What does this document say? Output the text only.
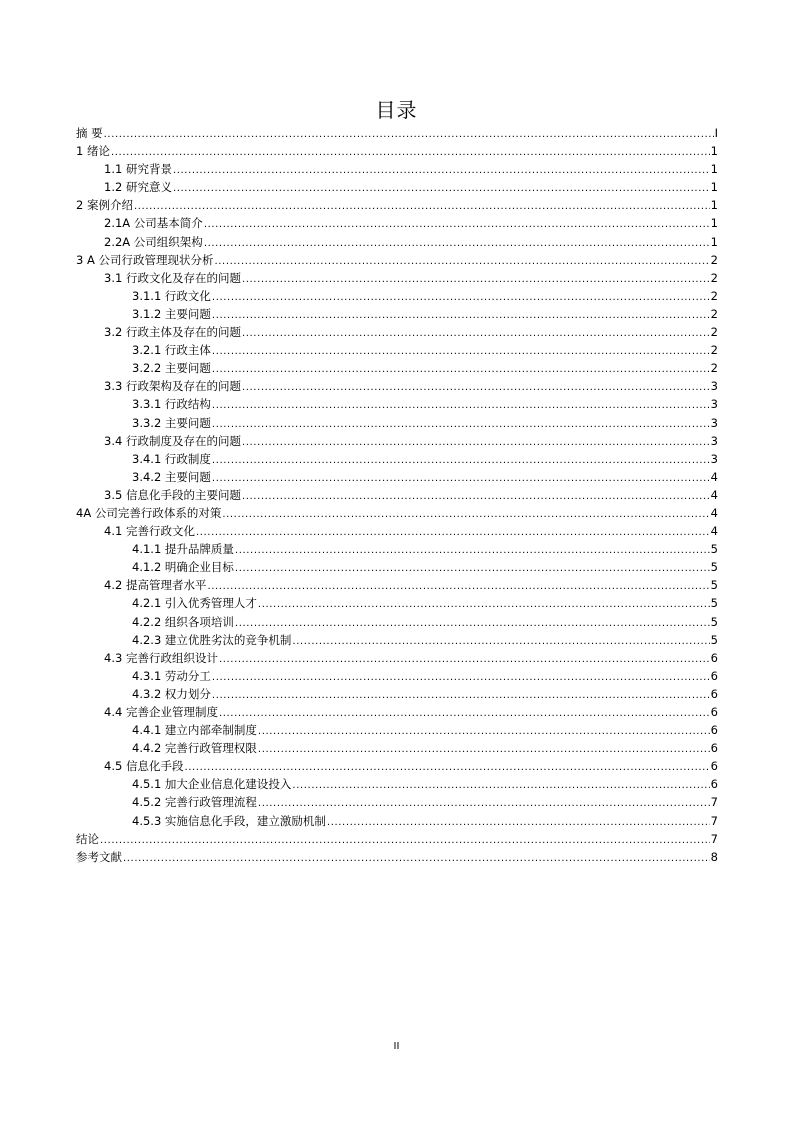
目录
摘 要 .....	I
1 绪论 .....	1
1.1 研究背景 .....	1
1.2 研究意义 .....	1
2 案例介绍 .....	1
2.1A 公司基本简介 .....	1
2.2A 公司组织架构 .....	1
3 A 公司行政管理现状分析 .....	2
3.1 行政文化及存在的问题 .....	2
3.1.1 行政文化 .....	2
3.1.2 主要问题 .....	2
3.2 行政主体及存在的问题 .....	2
3.2.1 行政主体 .....	2
3.2.2 主要问题 .....	2
3.3 行政架构及存在的问题 .....	3
3.3.1 行政结构 .....	3
3.3.2 主要问题 .....	3
3.4 行政制度及存在的问题 .....	3
3.4.1 行政制度 .....	3
3.4.2 主要问题 .....	4
3.5 信息化手段的主要问题 .....	4
4A 公司完善行政体系的对策 .....	4
4.1 完善行政文化 .....	4
4.1.1 提升品牌质量 .....	5
4.1.2 明确企业目标 .....	5
4.2 提高管理者水平 .....	5
4.2.1 引入优秀管理人才 .....	5
4.2.2 组织各项培训 .....	5
4.2.3 建立优胜劣汰的竞争机制 .....	5
4.3 完善行政组织设计 .....	6
4.3.1 劳动分工 .....	6
4.3.2 权力划分 .....	6
4.4 完善企业管理制度 .....	6
4.4.1 建立内部牵制制度 .....	6
4.4.2 完善行政管理权限 .....	6
4.5 信息化手段 .....	6
4.5.1 加大企业信息化建设投入 .....	6
4.5.2 完善行政管理流程 .....	7
4.5.3 实施信息化手段，建立激励机制 .....	7
结论 .....	7
参考文献 .....	8
II
